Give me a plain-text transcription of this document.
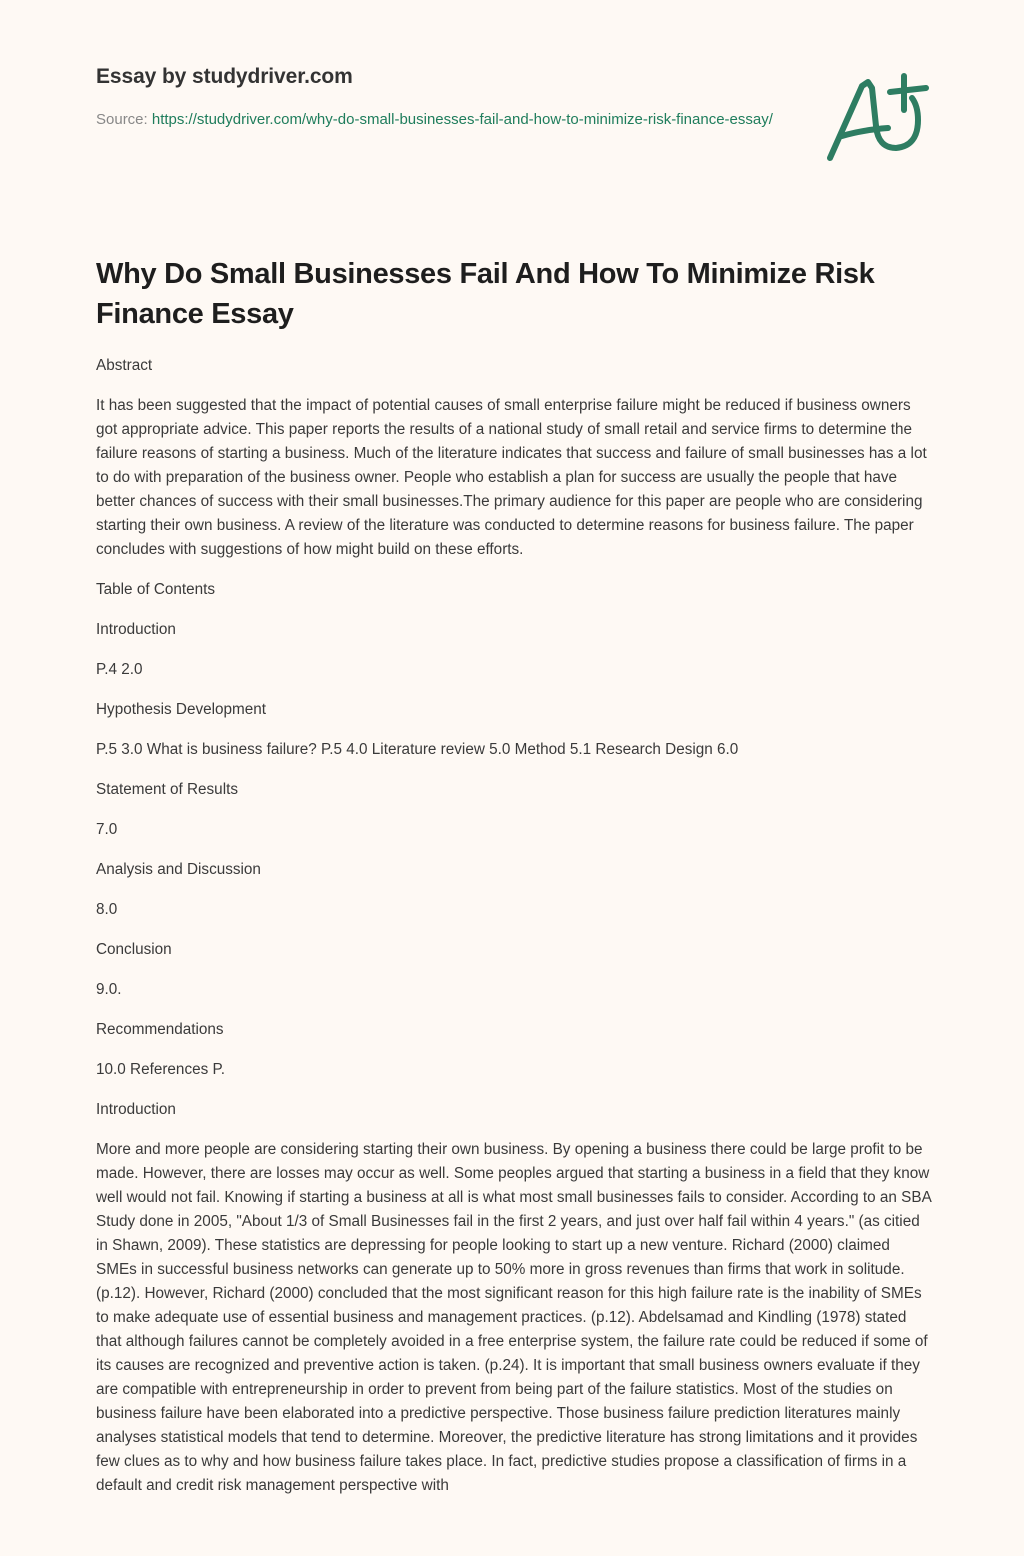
Essay by studydriver.com
Source: https://studydriver.com/why-do-small-businesses-fail-and-how-to-minimize-risk-finance-essay/
Why Do Small Businesses Fail And How To Minimize Risk Finance Essay

Abstract

It has been suggested that the impact of potential causes of small enterprise failure might be reduced if business owners got appropriate advice. This paper reports the results of a national study of small retail and service firms to determine the failure reasons of starting a business. Much of the literature indicates that success and failure of small businesses has a lot to do with preparation of the business owner. People who establish a plan for success are usually the people that have better chances of success with their small businesses.The primary audience for this paper are people who are considering starting their own business. A review of the literature was conducted to determine reasons for business failure. The paper concludes with suggestions of how might build on these efforts.

Table of Contents

Introduction

P.4 2.0

Hypothesis Development

P.5 3.0 What is business failure? P.5 4.0 Literature review 5.0 Method 5.1 Research Design 6.0

Statement of Results

7.0

Analysis and Discussion

8.0

Conclusion

9.0.

Recommendations

10.0 References P.

Introduction

More and more people are considering starting their own business. By opening a business there could be large profit to be made. However, there are losses may occur as well. Some peoples argued that starting a business in a field that they know well would not fail. Knowing if starting a business at all is what most small businesses fails to consider. According to an SBA Study done in 2005, "About 1/3 of Small Businesses fail in the first 2 years, and just over half fail within 4 years." (as citied in Shawn, 2009). These statistics are depressing for people looking to start up a new venture. Richard (2000) claimed SMEs in successful business networks can generate up to 50% more in gross revenues than firms that work in solitude. (p.12). However, Richard (2000) concluded that the most significant reason for this high failure rate is the inability of SMEs to make adequate use of essential business and management practices. (p.12). Abdelsamad and Kindling (1978) stated that although failures cannot be completely avoided in a free enterprise system, the failure rate could be reduced if some of its causes are recognized and preventive action is taken. (p.24). It is important that small business owners evaluate if they are compatible with entrepreneurship in order to prevent from being part of the failure statistics. Most of the studies on business failure have been elaborated into a predictive perspective. Those business failure prediction literatures mainly analyses statistical models that tend to determine. Moreover, the predictive literature has strong limitations and it provides few clues as to why and how business failure takes place. In fact, predictive studies propose a classification of firms in a default and credit risk management perspective with
